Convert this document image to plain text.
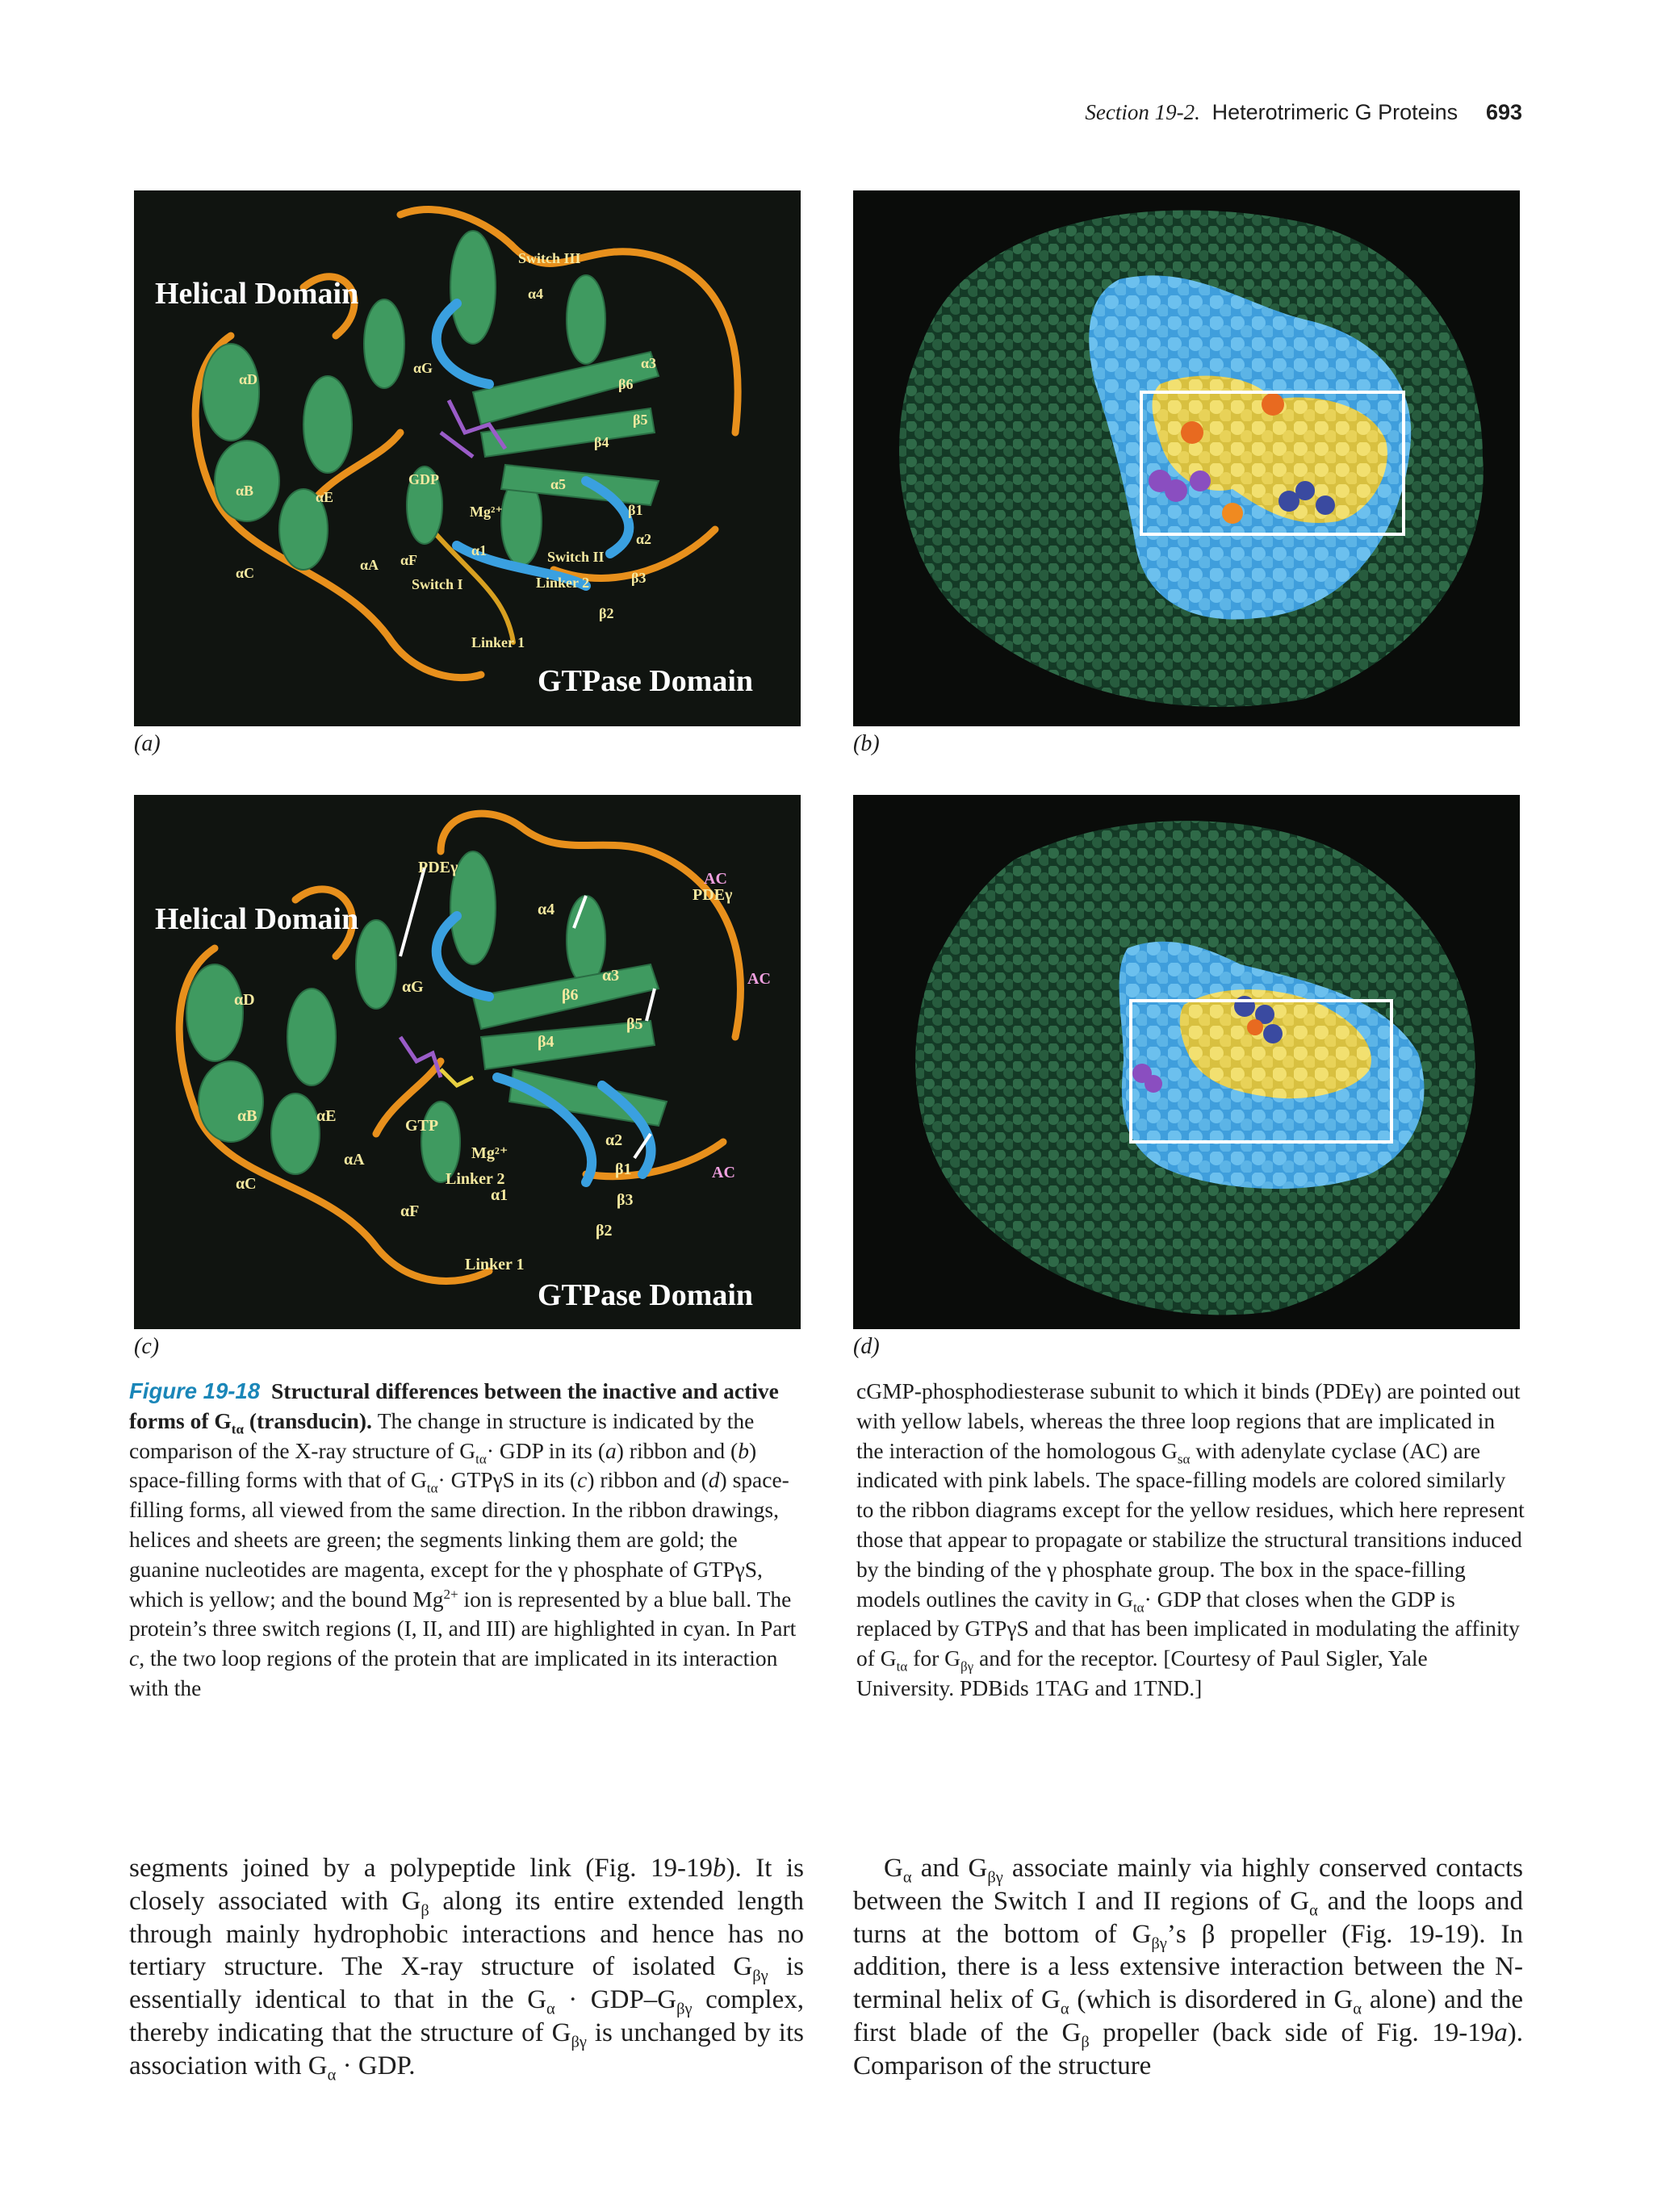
Section 19-2. Heterotrimeric G Proteins 693
Helical Domain
GTPase Domain
Switch III
α4
α3
β6
β5
β4
αG
αD
αB
αC
αE
αA αF
GDP
Mg²⁺
α5
β1
α2
α1	Switch II
Switch I	Linker 2	β3
β2
Linker 1
(a)	(b)
Helical Domain
GTPase Domain
PDEγ
β4
α4
α3
β6
β5
αG
αD
αB	αE
αA
αC
αF
GTP
Mg²⁺
Linker 2
α1
α2
β1
β3
β2
Linker 1
AC
AC
AC
PDEγ
(c)	(d)
Figure 19-18 Structural differences between the inactive and active forms of $G_{t\alpha}$ (transducin). The change in structure is indicated by the comparison of the X-ray structure of $G_{t\alpha}\cdot$ GDP in its (a) ribbon and (b) space-filling forms with that of $G_{t\alpha}\cdot GTP\gamma S$ in its (c) ribbon and (d) space-filling forms, all viewed from the same direction. In the ribbon drawings, helices and sheets are green; the segments linking them are gold; the guanine nucleotides are magenta, except for the γ phosphate of GTPγS, which is yellow; and the bound $Mg^{2+}$ ion is represented by a blue ball. The protein’s three switch regions (I, II, and III) are highlighted in cyan. In Part c, the two loop regions of the protein that are implicated in its interaction with the
cGMP-phosphodiesterase subunit to which it binds (PDEγ) are pointed out with yellow labels, whereas the three loop regions that are implicated in the interaction of the homologous $G_{s\alpha}$ with adenylate cyclase (AC) are indicated with pink labels. The space-filling models are colored similarly to the ribbon diagrams except for the yellow residues, which here represent those that appear to propagate or stabilize the structural transitions induced by the binding of the γ phosphate group. The box in the space-filling models outlines the cavity in $G_{t\alpha}\cdot$ GDP that closes when the GDP is replaced by GTPγS and that has been implicated in modulating the affinity of $G_{t\alpha}$ for $G_{\beta\gamma}$ and for the receptor. [Courtesy of Paul Sigler, Yale University. PDBids 1TAG and 1TND.]

segments joined by a polypeptide link (Fig. 19-19b). It is closely associated with $G_\beta$ along its entire extended length through mainly hydrophobic interactions and hence has no tertiary structure. The X-ray structure of isolated $G_{\beta\gamma}$ is essentially identical to that in the $G_\alpha \cdot GDP-G_{\beta\gamma}$ complex, thereby indicating that the structure of $G_{\beta\gamma}$ is unchanged by its association with $G_\alpha$ · GDP.

$G_\alpha$ and $G_{\beta\gamma}$ associate mainly via highly conserved contacts between the Switch I and II regions of $G_\alpha$ and the loops and turns at the bottom of $G_{\beta\gamma}’s$ β propeller (Fig. 19-19). In addition, there is a less extensive interaction between the N-terminal helix of $G_\alpha$ (which is disordered in $G_\alpha$ alone) and the first blade of the $G_\beta$ propeller (back side of Fig. 19-19a). Comparison of the structure
